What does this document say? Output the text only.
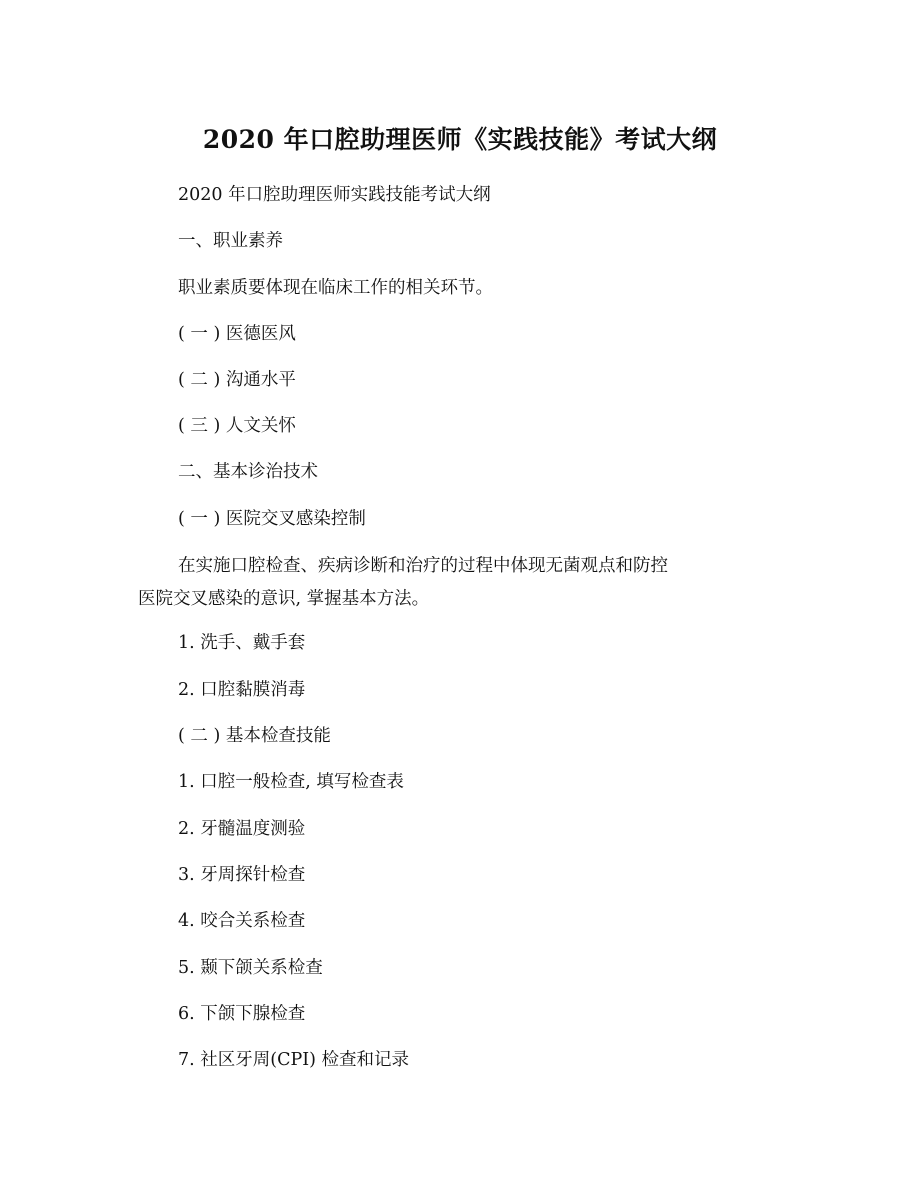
2020 年口腔助理医师《实践技能》考试大纲
2020 年口腔助理医师实践技能考试大纲
一、职业素养
职业素质要体现在临床工作的相关环节。
( 一 ) 医德医风
( 二 ) 沟通水平
( 三 ) 人文关怀
二、基本诊治技术
( 一 ) 医院交叉感染控制
在实施口腔检查、疾病诊断和治疗的过程中体现无菌观点和防控
医院交叉感染的意识, 掌握基本方法。
1. 洗手、戴手套
2. 口腔黏膜消毒
( 二 ) 基本检查技能
1. 口腔一般检查, 填写检查表
2. 牙髓温度测验
3. 牙周探针检查
4. 咬合关系检查
5. 颞下颌关系检查
6. 下颌下腺检查
7. 社区牙周(CPI) 检查和记录
